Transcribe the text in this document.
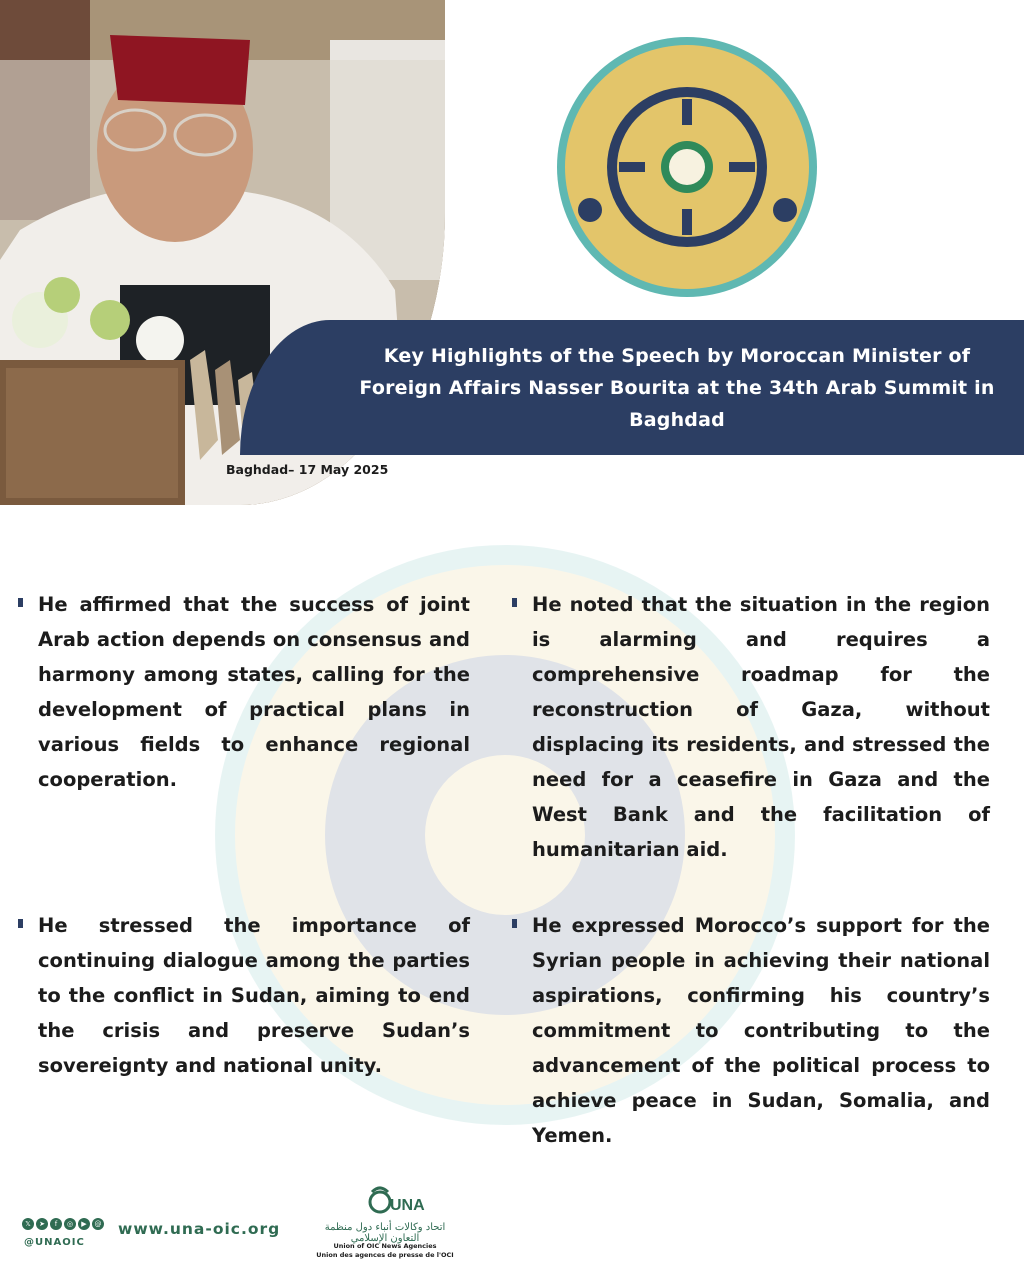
Key Highlights of the Speech by Moroccan Minister of Foreign Affairs Nasser Bourita at the 34th Arab Summit in Baghdad
Baghdad– 17 May 2025
He affirmed that the success of joint Arab action depends on consensus and harmony among states, calling for the development of practical plans in various fields to enhance regional cooperation.
He noted that the situation in the region is alarming and requires a comprehensive roadmap for the reconstruction of Gaza, without displacing its residents, and stressed the need for a ceasefire in Gaza and the West Bank and the facilitation of humanitarian aid.
He stressed the importance of continuing dialogue among the parties to the conflict in Sudan, aiming to end the crisis and preserve Sudan’s sovereignty and national unity.
He expressed Morocco’s support for the Syrian people in achieving their national aspirations, confirming his country’s commitment to contributing to the advancement of the political process to achieve peace in Sudan, Somalia, and Yemen.
𝕏	➤	f	◎	▶	@
@UNAOIC
www.una-oic.org
UNA
اتحاد وكالات أنباء دول منظمة التعاون الإسلامي
Union of OIC News Agencies
Union des agences de presse de l'OCI
